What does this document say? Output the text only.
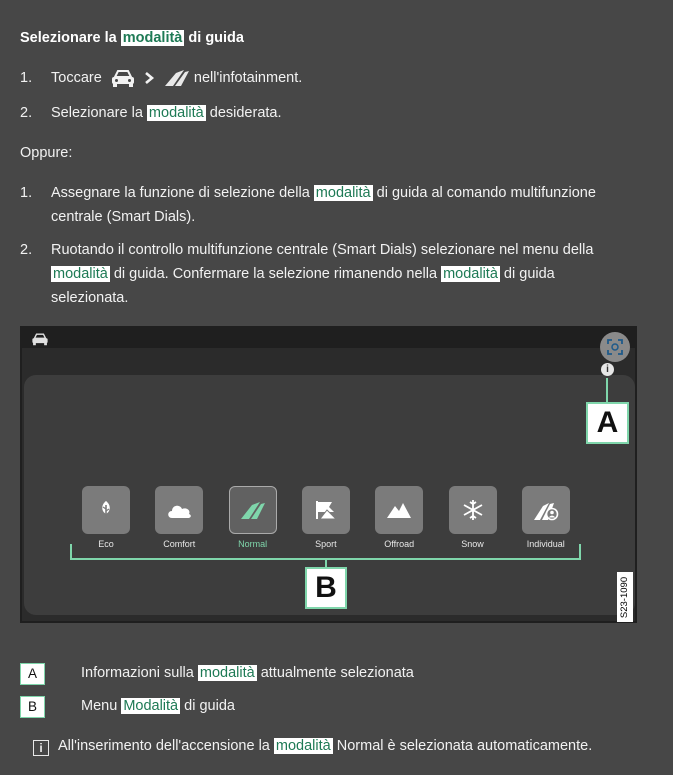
Selezionare la modalità di guida
1. Toccare	nell'infotainment.
2. Selezionare la modalità desiderata.
Oppure:
1. Assegnare la funzione di selezione della modalità di guida al comando multifunzione
centrale (Smart Dials).
2. Ruotando il controllo multifunzione centrale (Smart Dials) selezionare nel menu della
modalità di guida. Confermare la selezione rimanendo nella modalità di guida
selezionata.
i
A
Eco	Comfort	Normal	Sport	Offroad	Snow	Individual
B	S23-1090
A	Informazioni sulla modalità attualmente selezionata
B	Menu Modalità di guida
i All'inserimento dell'accensione la modalità Normal è selezionata automaticamente.
